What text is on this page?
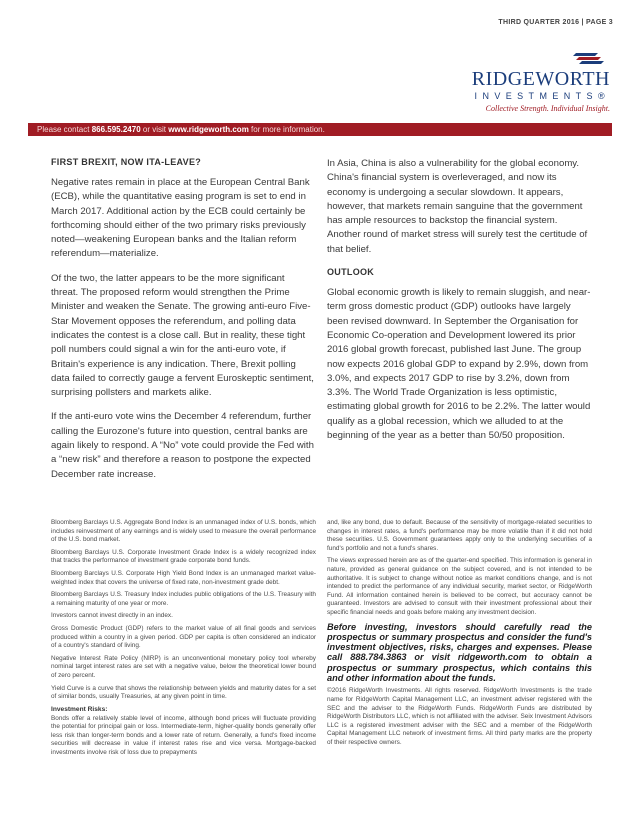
THIRD QUARTER 2016 | PAGE 3
RIDGEWORTH
INVESTMENTS®
Collective Strength. Individual Insight.
Please contact 866.595.2470 or visit www.ridgeworth.com for more information.
FIRST BREXIT, NOW ITA-LEAVE?

Negative rates remain in place at the European Central Bank (ECB), while the quantitative easing program is set to end in March 2017. Additional action by the ECB could certainly be forthcoming should either of the two primary risks previously noted—weakening European banks and the Italian reform referendum—materialize.

Of the two, the latter appears to be the more significant threat. The proposed reform would strengthen the Prime Minister and weaken the Senate. The growing anti-euro Five-Star Movement opposes the referendum, and polling data indicates the contest is a close call. But in reality, these tight poll numbers could signal a win for the anti-euro vote, if Britain's experience is any indication. There, Brexit polling data failed to correctly gauge a fervent Euroskeptic sentiment, surprising pollsters and markets alike.

If the anti-euro vote wins the December 4 referendum, further calling the Eurozone's future into question, central banks are again likely to respond. A “No” vote could provide the Fed with a “new risk” and therefore a reason to postpone the expected December rate increase.

In Asia, China is also a vulnerability for the global economy. China's financial system is overleveraged, and now its economy is undergoing a secular slowdown. It appears, however, that markets remain sanguine that the government has ample resources to backstop the financial system. Another round of market stress will surely test the certitude of that belief.

OUTLOOK

Global economic growth is likely to remain sluggish, and near-term gross domestic product (GDP) outlooks have largely been revised downward. In September the Organisation for Economic Co-operation and Development lowered its prior 2016 global growth forecast, published last June. The group now expects 2016 global GDP to expand by 2.9%, down from 3.0%, and expects 2017 GDP to rise by 3.2%, down from 3.3%. The World Trade Organization is less optimistic, estimating global growth for 2016 to be 2.2%. The latter would qualify as a global recession, which we alluded to at the beginning of the year as a better than 50/50 proposition.

Bloomberg Barclays U.S. Aggregate Bond Index is an unmanaged index of U.S. bonds, which includes reinvestment of any earnings and is widely used to measure the overall performance of the U.S. bond market.

Bloomberg Barclays U.S. Corporate Investment Grade Index is a widely recognized index that tracks the performance of investment grade corporate bond funds.

Bloomberg Barclays U.S. Corporate High Yield Bond Index is an unmanaged market value-weighted index that covers the universe of fixed rate, non-investment grade debt.

Bloomberg Barclays U.S. Treasury Index includes public obligations of the U.S. Treasury with a remaining maturity of one year or more.

Investors cannot invest directly in an index.

Gross Domestic Product (GDP) refers to the market value of all final goods and services produced within a country in a given period. GDP per capita is often considered an indicator of a country's standard of living.

Negative Interest Rate Policy (NIRP) is an unconventional monetary policy tool whereby nominal target interest rates are set with a negative value, below the theoretical lower bound of zero percent.

Yield Curve is a curve that shows the relationship between yields and maturity dates for a set of similar bonds, usually Treasuries, at any given point in time.

Investment Risks:

Bonds offer a relatively stable level of income, although bond prices will fluctuate providing the potential for principal gain or loss. Intermediate-term, higher-quality bonds generally offer less risk than longer-term bonds and a lower rate of return. Generally, a fund's fixed income securities will decrease in value if interest rates rise and vice versa. Mortgage-backed investments involve risk of loss due to prepayments

and, like any bond, due to default. Because of the sensitivity of mortgage-related securities to changes in interest rates, a fund's performance may be more volatile than if it did not hold these securities. U.S. Government guarantees apply only to the underlying securities of a fund's portfolio and not a fund's shares.

The views expressed herein are as of the quarter-end specified. This information is general in nature, provided as general guidance on the subject covered, and is not intended to be authoritative. It is subject to change without notice as market conditions change, and is not intended to predict the performance of any individual security, market sector, or RidgeWorth Fund. All information contained herein is believed to be correct, but accuracy cannot be guaranteed. Investors are advised to consult with their investment professional about their specific financial needs and goals before making any investment decision.

Before investing, investors should carefully read the prospectus or summary prospectus and consider the fund's investment objectives, risks, charges and expenses. Please call 888.784.3863 or visit ridgeworth.com to obtain a prospectus or summary prospectus, which contains this and other information about the funds.

©2016 RidgeWorth Investments. All rights reserved. RidgeWorth Investments is the trade name for RidgeWorth Capital Management LLC, an investment adviser registered with the SEC and the adviser to the RidgeWorth Funds. RidgeWorth Funds are distributed by RidgeWorth Distributors LLC, which is not affiliated with the adviser. Seix Investment Advisors LLC is a registered investment adviser with the SEC and a member of the RidgeWorth Capital Management LLC network of investment firms. All third party marks are the property of their respective owners.
